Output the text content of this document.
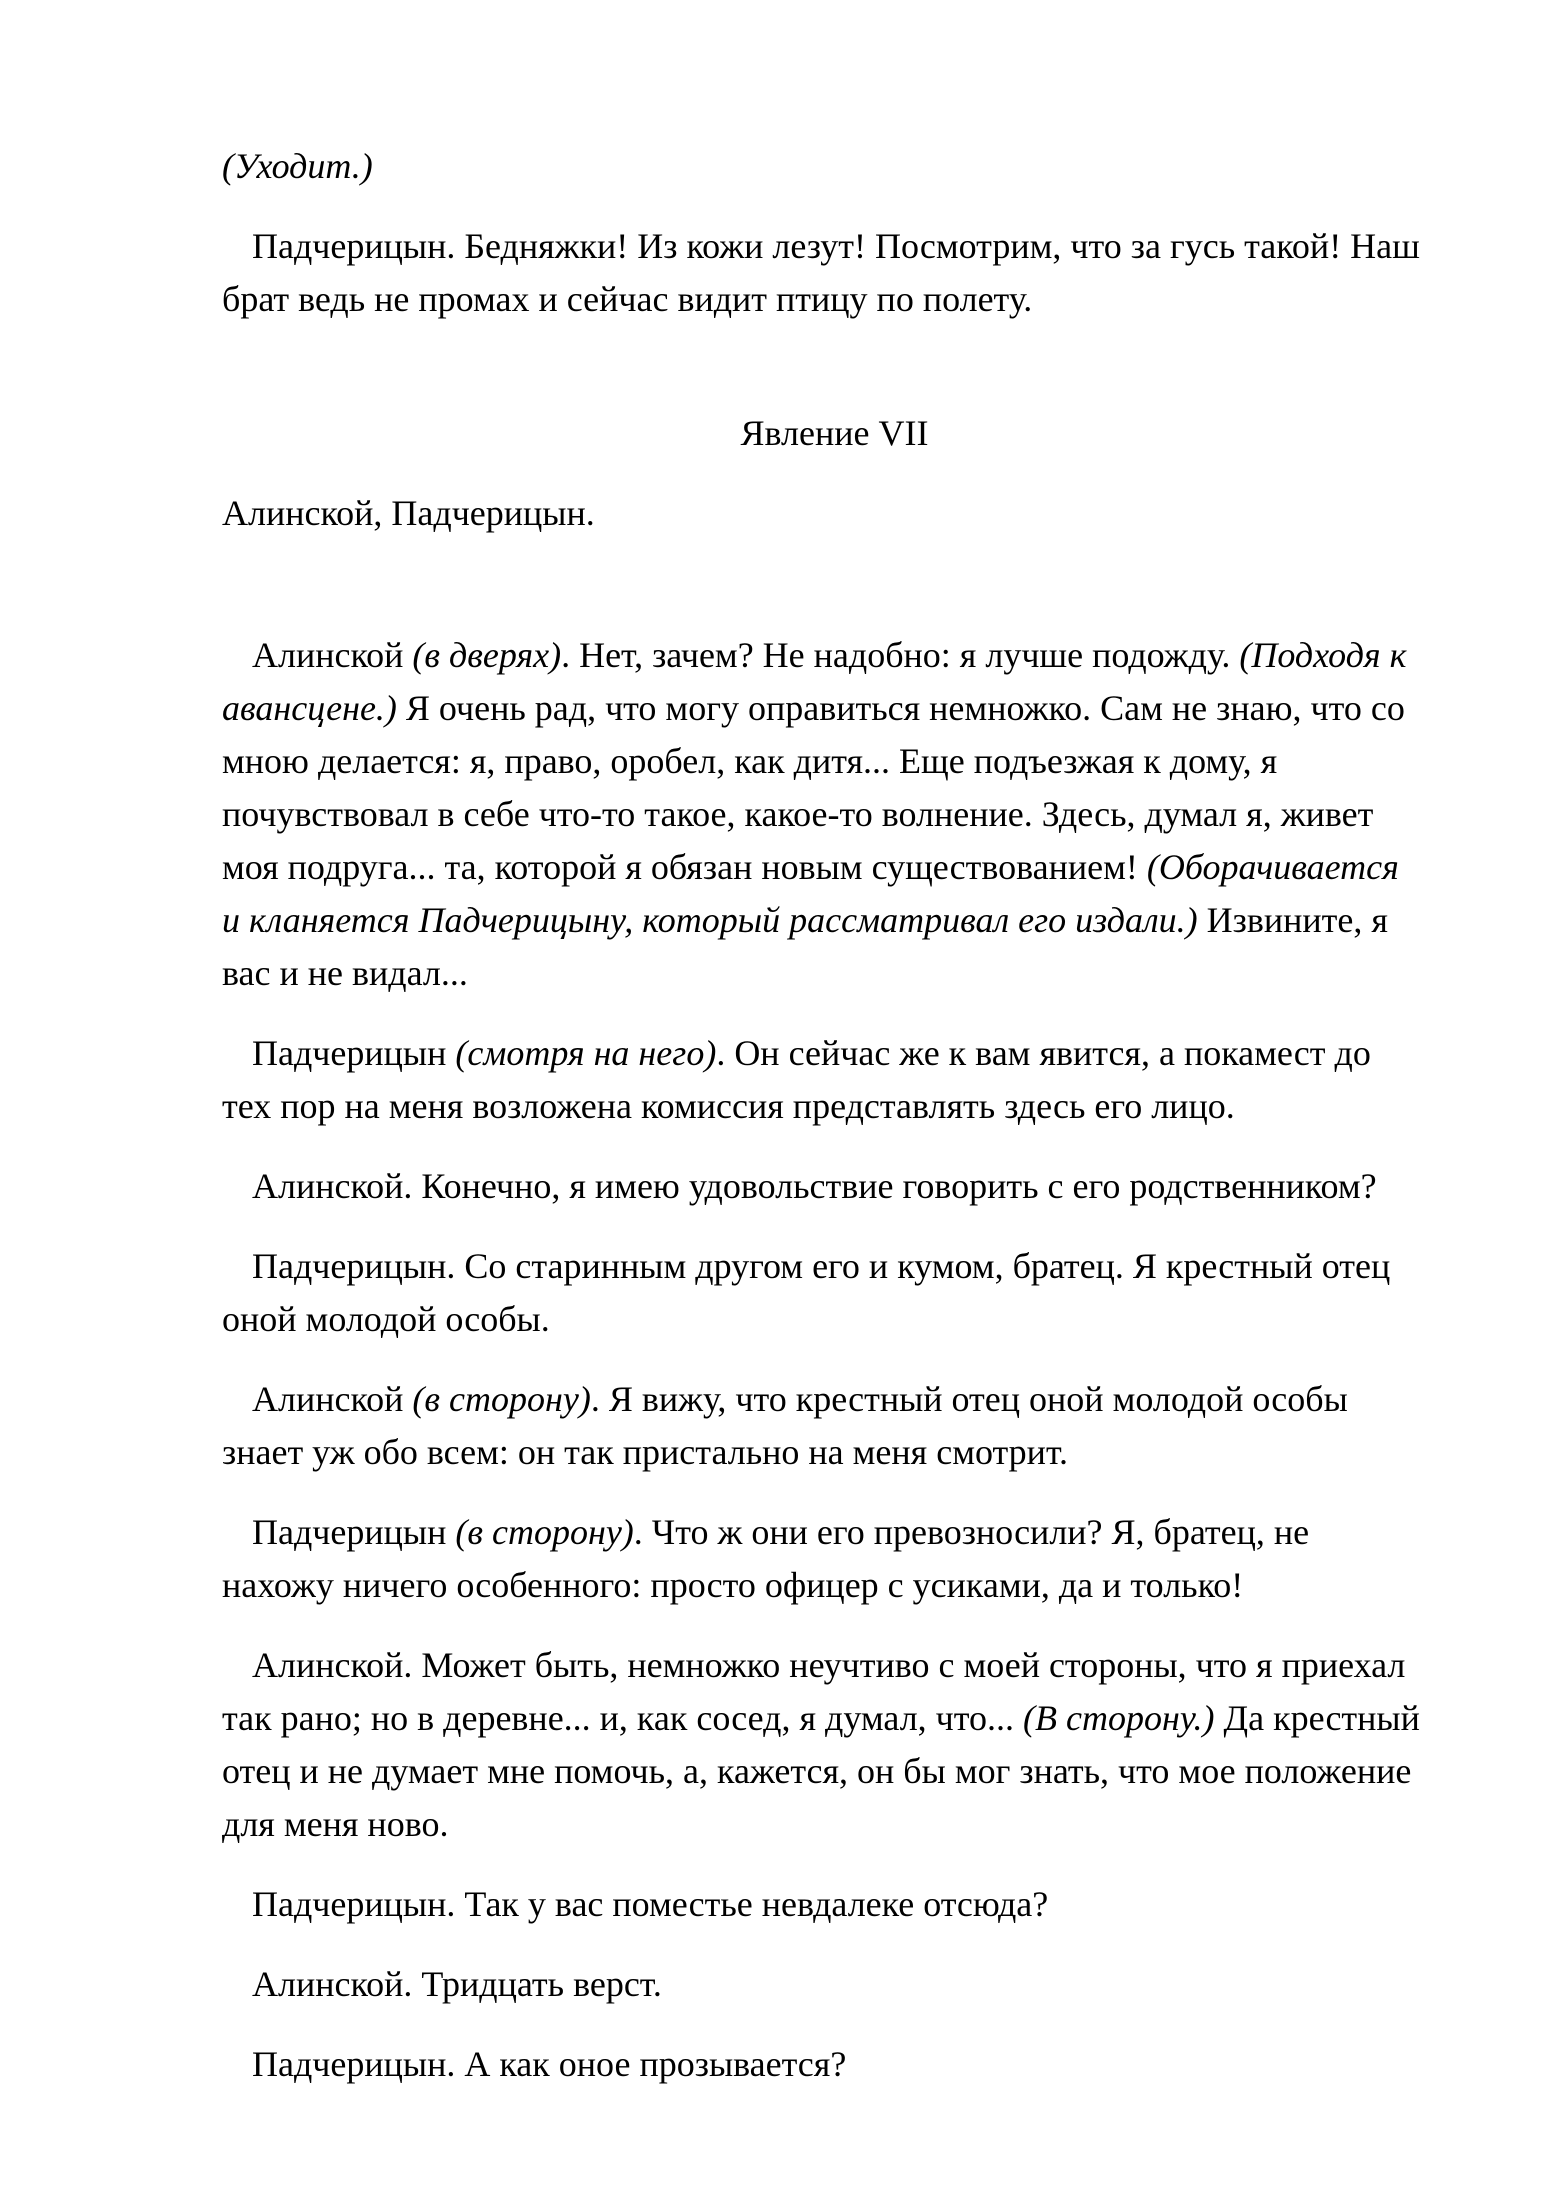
(Уходит.)
Падчерицын. Бедняжки! Из кожи лезут! Посмотрим, что за гусь такой! Наш
брат ведь не промах и сейчас видит птицу по полету.
Явление VII
Алинской, Падчерицын.
Алинской (в дверях). Нет, зачем? Не надобно: я лучше подожду. (Подходя к
авансцене.) Я очень рад, что могу оправиться немножко. Сам не знаю, что со
мною делается: я, право, оробел, как дитя... Еще подъезжая к дому, я
почувствовал в себе что-то такое, какое-то волнение. Здесь, думал я, живет
моя подруга... та, которой я обязан новым существованием! (Оборачивается
и кланяется Падчерицыну, который рассматривал его издали.) Извините, я
вас и не видал...
Падчерицын (смотря на него). Он сейчас же к вам явится, а покамест до
тех пор на меня возложена комиссия представлять здесь его лицо.
Алинской. Конечно, я имею удовольствие говорить с его родственником?
Падчерицын. Со старинным другом его и кумом, братец. Я крестный отец
оной молодой особы.
Алинской (в сторону). Я вижу, что крестный отец оной молодой особы
знает уж обо всем: он так пристально на меня смотрит.
Падчерицын (в сторону). Что ж они его превозносили? Я, братец, не
нахожу ничего особенного: просто офицер с усиками, да и только!
Алинской. Может быть, немножко неучтиво с моей стороны, что я приехал
так рано; но в деревне... и, как сосед, я думал, что... (В сторону.) Да крестный
отец и не думает мне помочь, а, кажется, он бы мог знать, что мое положение
для меня ново.
Падчерицын. Так у вас поместье невдалеке отсюда?
Алинской. Тридцать верст.
Падчерицын. А как оное прозывается?
